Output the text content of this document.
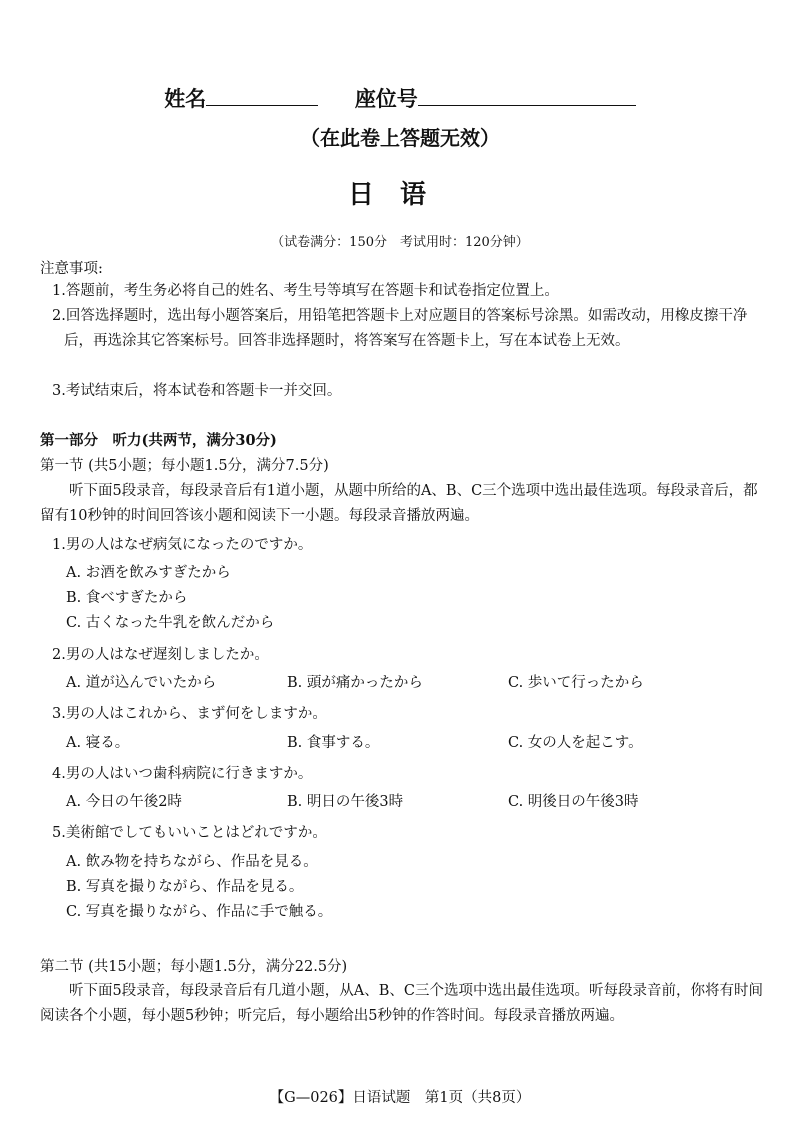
姓名	座位号
（在此卷上答题无效）
日语
（试卷满分：150分　考试用时：120分钟）
注意事项:
1.答题前，考生务必将自己的姓名、考生号等填写在答题卡和试卷指定位置上。
2.回答选择题时，选出每小题答案后，用铅笔把答题卡上对应题目的答案标号涂黑。如需改动，用橡皮擦干净后，再选涂其它答案标号。回答非选择题时，将答案写在答题卡上，写在本试卷上无效。
3.考试结束后，将本试卷和答题卡一并交回。
第一部分　听力(共两节，满分30分)
第一节 (共5小题；每小题1.5分，满分7.5分)
听下面5段录音，每段录音后有1道小题，从题中所给的A、B、C三个选项中选出最佳选项。每段录音后，都留有10秒钟的时间回答该小题和阅读下一小题。每段录音播放两遍。
1.男の人はなぜ病気になったのですか。
A. お酒を飲みすぎたから
B. 食べすぎたから
C. 古くなった牛乳を飲んだから
2.男の人はなぜ遅刻しましたか。
A. 道が込んでいたから	B. 頭が痛かったから	C. 歩いて行ったから
3.男の人はこれから、まず何をしますか。
A. 寝る。	B. 食事する。	C. 女の人を起こす。
4.男の人はいつ歯科病院に行きますか。
A. 今日の午後2時	B. 明日の午後3時	C. 明後日の午後3時
5.美術館でしてもいいことはどれですか。
A. 飲み物を持ちながら、作品を見る。
B. 写真を撮りながら、作品を見る。
C. 写真を撮りながら、作品に手で触る。
第二节 (共15小题；每小题1.5分，满分22.5分)
听下面5段录音，每段录音后有几道小题，从A、B、C三个选项中选出最佳选项。听每段录音前，你将有时间阅读各个小题，每小题5秒钟；听完后，每小题给出5秒钟的作答时间。每段录音播放两遍。
【G—026】日语试题　第1页（共8页）
